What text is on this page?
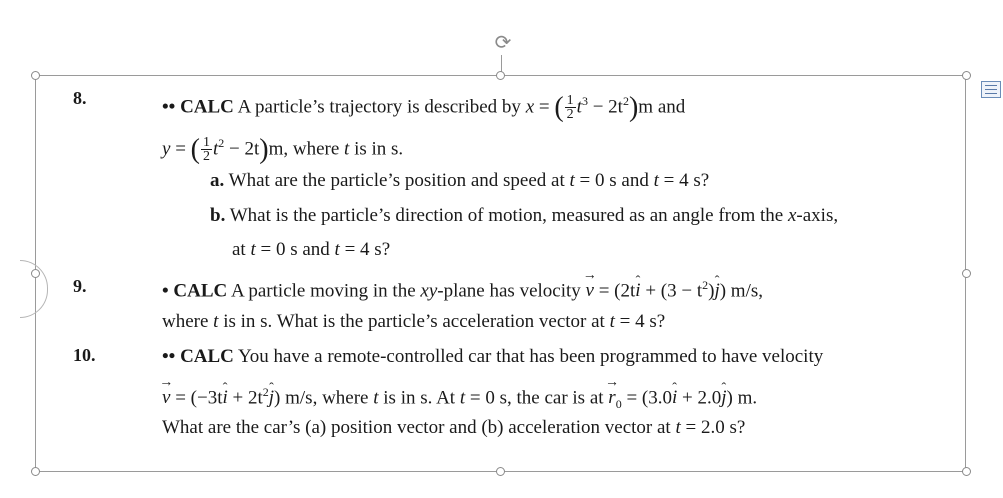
⟳
8.	•• CALC A particle’s trajectory is described by x = ( $\frac{1}{2} t^3 - 2t^2)m$ and
y = ( $\frac{1}{2} t^2 - 2t)m$, where t is in s.
a. What are the particle’s position and speed at t = 0 s and t = 4 s?
b. What is the particle’s direction of motion, measured as an angle from the x-axis,
at t = 0 s and t = 4 s?
9.	• CALC A particle moving in the xy-plane has velocity → v = (2tˆ $i + (3 - t^2)ˆ$ j) m/s,
where t is in s. What is the particle’s acceleration vector at t = 4 s?
10.	•• CALC You have a remote-controlled car that has been programmed to have velocity
→ v = (−3tˆ $i + 2t^2ˆ$ j) m/s, where t is in s. At t = 0 s, the car is at → $r_0$ = (3.0ˆ i + 2.0ˆ j) m.
What are the car’s (a) position vector and (b) acceleration vector at t = 2.0 s?
